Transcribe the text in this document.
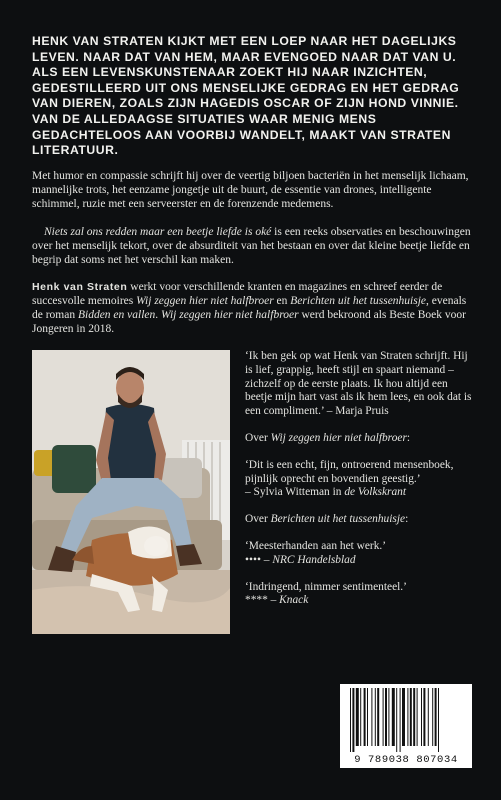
HENK VAN STRATEN KIJKT MET EEN LOEP NAAR HET DAGELIJKS LEVEN. NAAR DAT VAN HEM, MAAR EVENGOED NAAR DAT VAN U. ALS EEN LEVENSKUNSTENAAR ZOEKT HIJ NAAR INZICHTEN, GEDESTILLEERD UIT ONS MENSELIJKE GEDRAG EN HET GEDRAG VAN DIEREN, ZOALS ZIJN HAGEDIS OSCAR OF ZIJN HOND VINNIE. VAN DE ALLEDAAGSE SITUATIES WAAR MENIG MENS GEDACHTELOOS AAN VOORBIJ WANDELT, MAAKT VAN STRATEN LITERATUUR.

Met humor en compassie schrijft hij over de veertig biljoen bacteriën in het menselijk lichaam, mannelijke trots, het eenzame jongetje uit de buurt, de essentie van drones, intelligente schimmel, ruzie met een serveerster en de forenzende medemens.

Niets zal ons redden maar een beetje liefde is oké is een reeks observaties en beschouwingen over het menselijk tekort, over de absurditeit van het bestaan en over dat kleine beetje liefde en begrip dat soms net het verschil kan maken.

Henk van Straten werkt voor verschillende kranten en magazines en schreef eerder de succesvolle memoires Wij zeggen hier niet halfbroer en Berichten uit het tussenhuisje, evenals de roman Bidden en vallen. Wij zeggen hier niet halfbroer werd bekroond als Beste Boek voor Jongeren in 2018.

‘Ik ben gek op wat Henk van Straten schrijft. Hij is lief, grappig, heeft stijl en spaart niemand – zichzelf op de eerste plaats. Ik hou altijd een beetje mijn hart vast als ik hem lees, en ook dat is een compliment.’ – Marja Pruis

Over Wij zeggen hier niet halfbroer:

‘Dit is een echt, fijn, ontroerend mensenboek, pijnlijk oprecht en bovendien geestig.’
– Sylvia Witteman in de Volkskrant

Over Berichten uit het tussenhuisje:

‘Meesterhanden aan het werk.’
•••• – NRC Handelsblad

‘Indringend, nimmer sentimenteel.’
**** – Knack

9 789038 807034
